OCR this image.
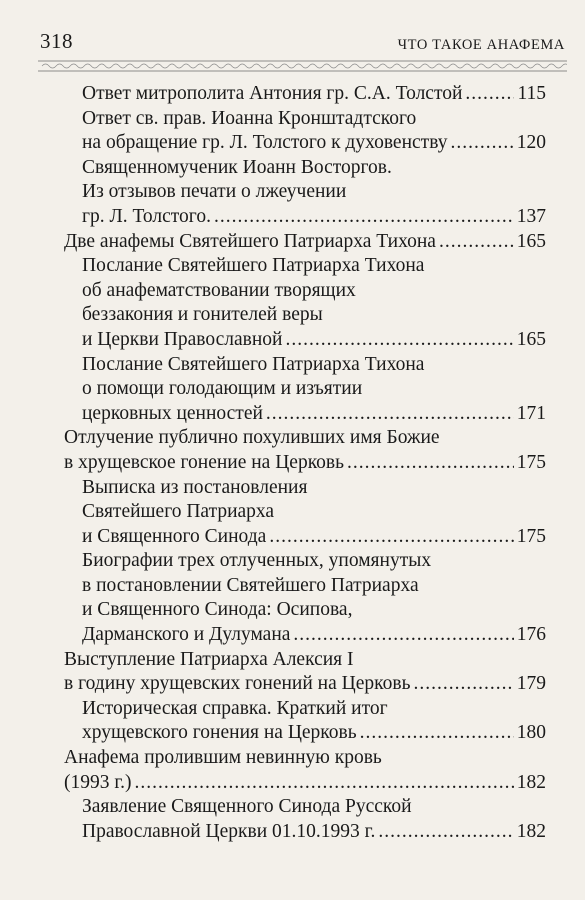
318	ЧТО ТАКОЕ АНАФЕМА
Ответ митрополита Антония гр. С.А. Толстой .....	115
Ответ св. прав. Иоанна Кронштадтского
на обращение гр. Л. Толстого к духовенству .....	120
Священномученик Иоанн Восторгов.
Из отзывов печати о лжеучении
гр. Л. Толстого. .....	137
Две анафемы Святейшего Патриарха Тихона .....	165
Послание Святейшего Патриарха Тихона
об анафематствовании творящих
беззакония и гонителей веры
и Церкви Православной .....	165
Послание Святейшего Патриарха Тихона
о помощи голодающим и изъятии
церковных ценностей .....	171
Отлучение публично похуливших имя Божие
в хрущевское гонение на Церковь .....	175
Выписка из постановления
Святейшего Патриарха
и Священного Синода .....	175
Биографии трех отлученных, упомянутых
в постановлении Святейшего Патриарха
и Священного Синода: Осипова,
Дарманского и Дулумана .....	176
Выступление Патриарха Алексия I
в годину хрущевских гонений на Церковь .....	179
Историческая справка. Краткий итог
хрущевского гонения на Церковь .....	180
Анафема пролившим невинную кровь
(1993 г.) .....	182
Заявление Священного Синода Русской
Православной Церкви 01.10.1993 г. .....	182
